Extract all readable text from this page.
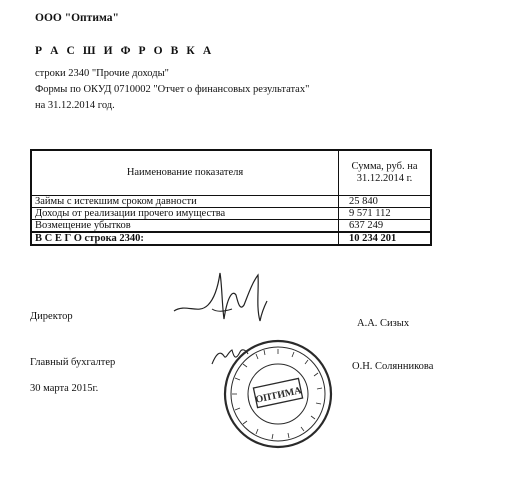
ООО "Оптима"
Р А С Ш И Ф Р О В К А
строки 2340 "Прочие доходы"
Формы по ОКУД 0710002 "Отчет о финансовых результатах"
на 31.12.2014 год.
Наименование показателя	Сумма, руб. на
31.12.2014 г.

Займы с истекшим сроком давности	25 840
Доходы от реализации прочего имущества	9 571 112
Возмещение убытков	637 249
В С Е Г О строка 2340:	10 234 201
Директор
А.А. Сизых
Главный бухгалтер	О.Н. Солянникова
30 марта 2015г.	ОПТИМА
